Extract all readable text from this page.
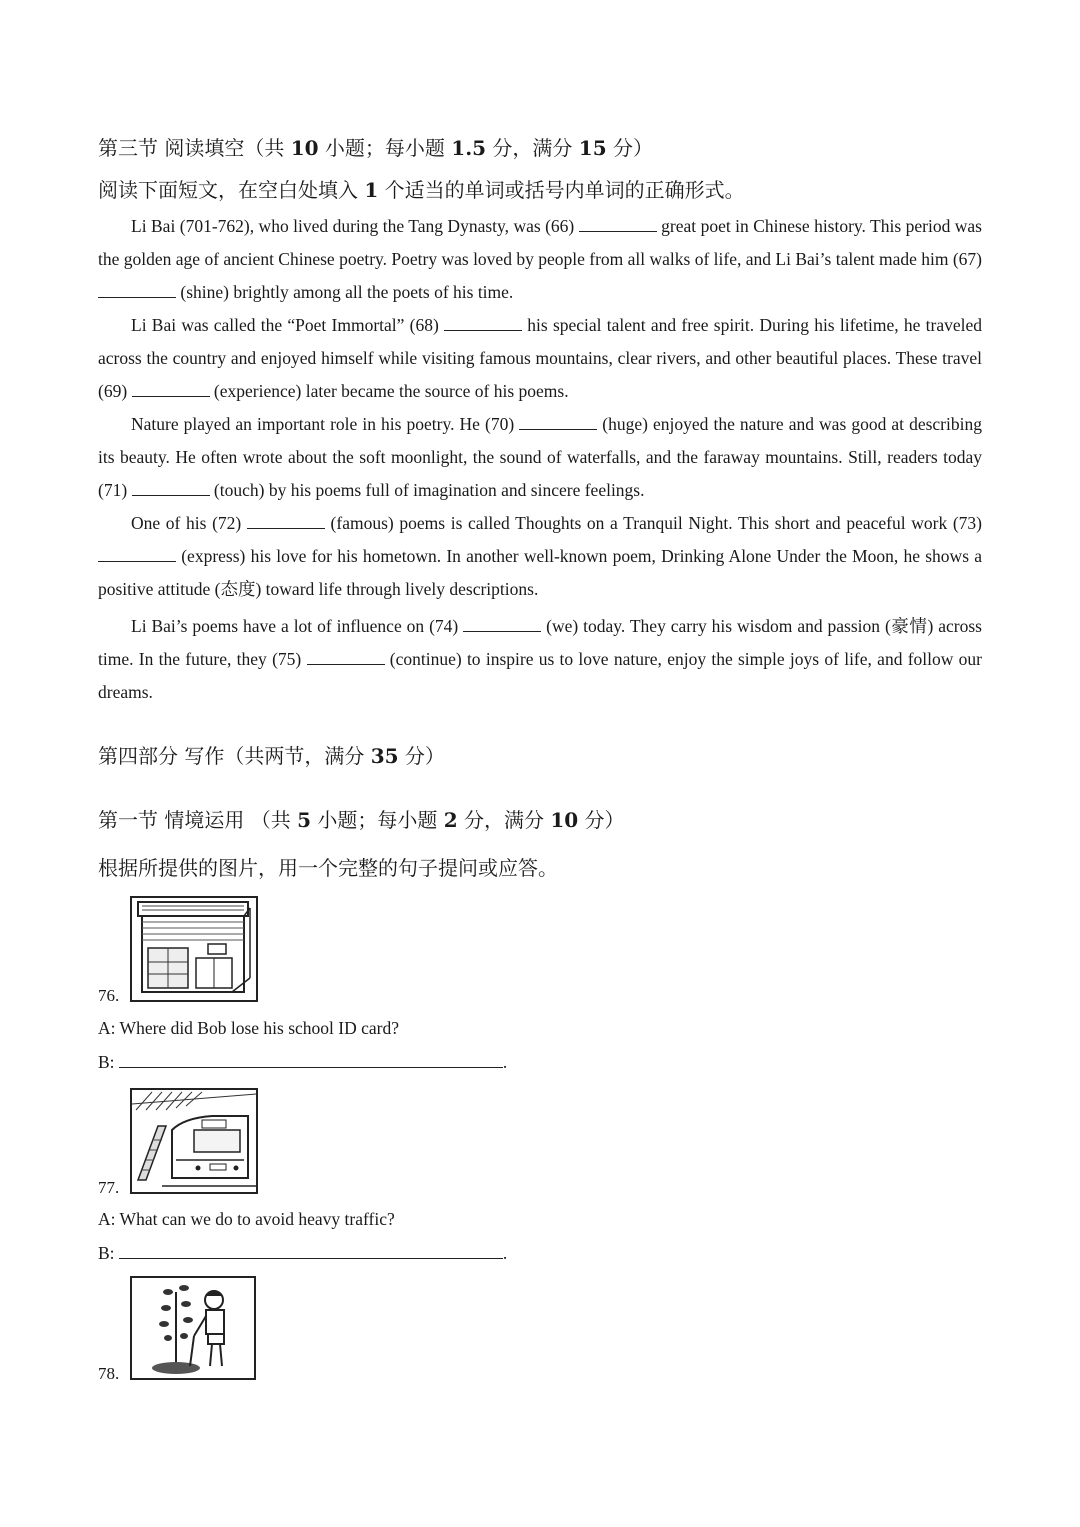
第三节 阅读填空（共 10 小题；每小题 1.5 分，满分 15 分）
阅读下面短文，在空白处填入 1 个适当的单词或括号内单词的正确形式。
Li Bai (701-762), who lived during the Tang Dynasty, was (66)	great poet in Chinese history. This period was the golden age of ancient Chinese poetry. Poetry was loved by people from all walks of life, and Li Bai’s talent made him (67)  (shine) brightly among all the poets of his time.
Li Bai was called the “Poet Immortal” (68)	his special talent and free spirit. During his lifetime, he traveled across the country and enjoyed himself while visiting famous mountains, clear rivers, and other beautiful places. These travel (69)	(experience) later became the source of his poems.
Nature played an important role in his poetry. He (70)	(huge) enjoyed the nature and was good at describing its beauty. He often wrote about the soft moonlight, the sound of waterfalls, and the faraway mountains. Still, readers today (71)	(touch) by his poems full of imagination and sincere feelings.
One of his (72)	(famous) poems is called Thoughts on a Tranquil Night. This short and peaceful work (73)  (express) his love for his hometown. In another well-known poem, Drinking Alone Under the Moon, he shows a positive attitude (态度) toward life through lively descriptions.
Li Bai’s poems have a lot of influence on (74)	(we) today. They carry his wisdom and passion (豪情) across time. In the future, they (75)	(continue) to inspire us to love nature, enjoy the simple joys of life, and follow our dreams.
第四部分 写作（共两节，满分 35 分）
第一节 情境运用 （共 5 小题；每小题 2 分，满分 10 分）
根据所提供的图片，用一个完整的句子提问或应答。
76.
A: Where did Bob lose his school ID card?
B:	.
77.
A: What can we do to avoid heavy traffic?
B:	.
78.
